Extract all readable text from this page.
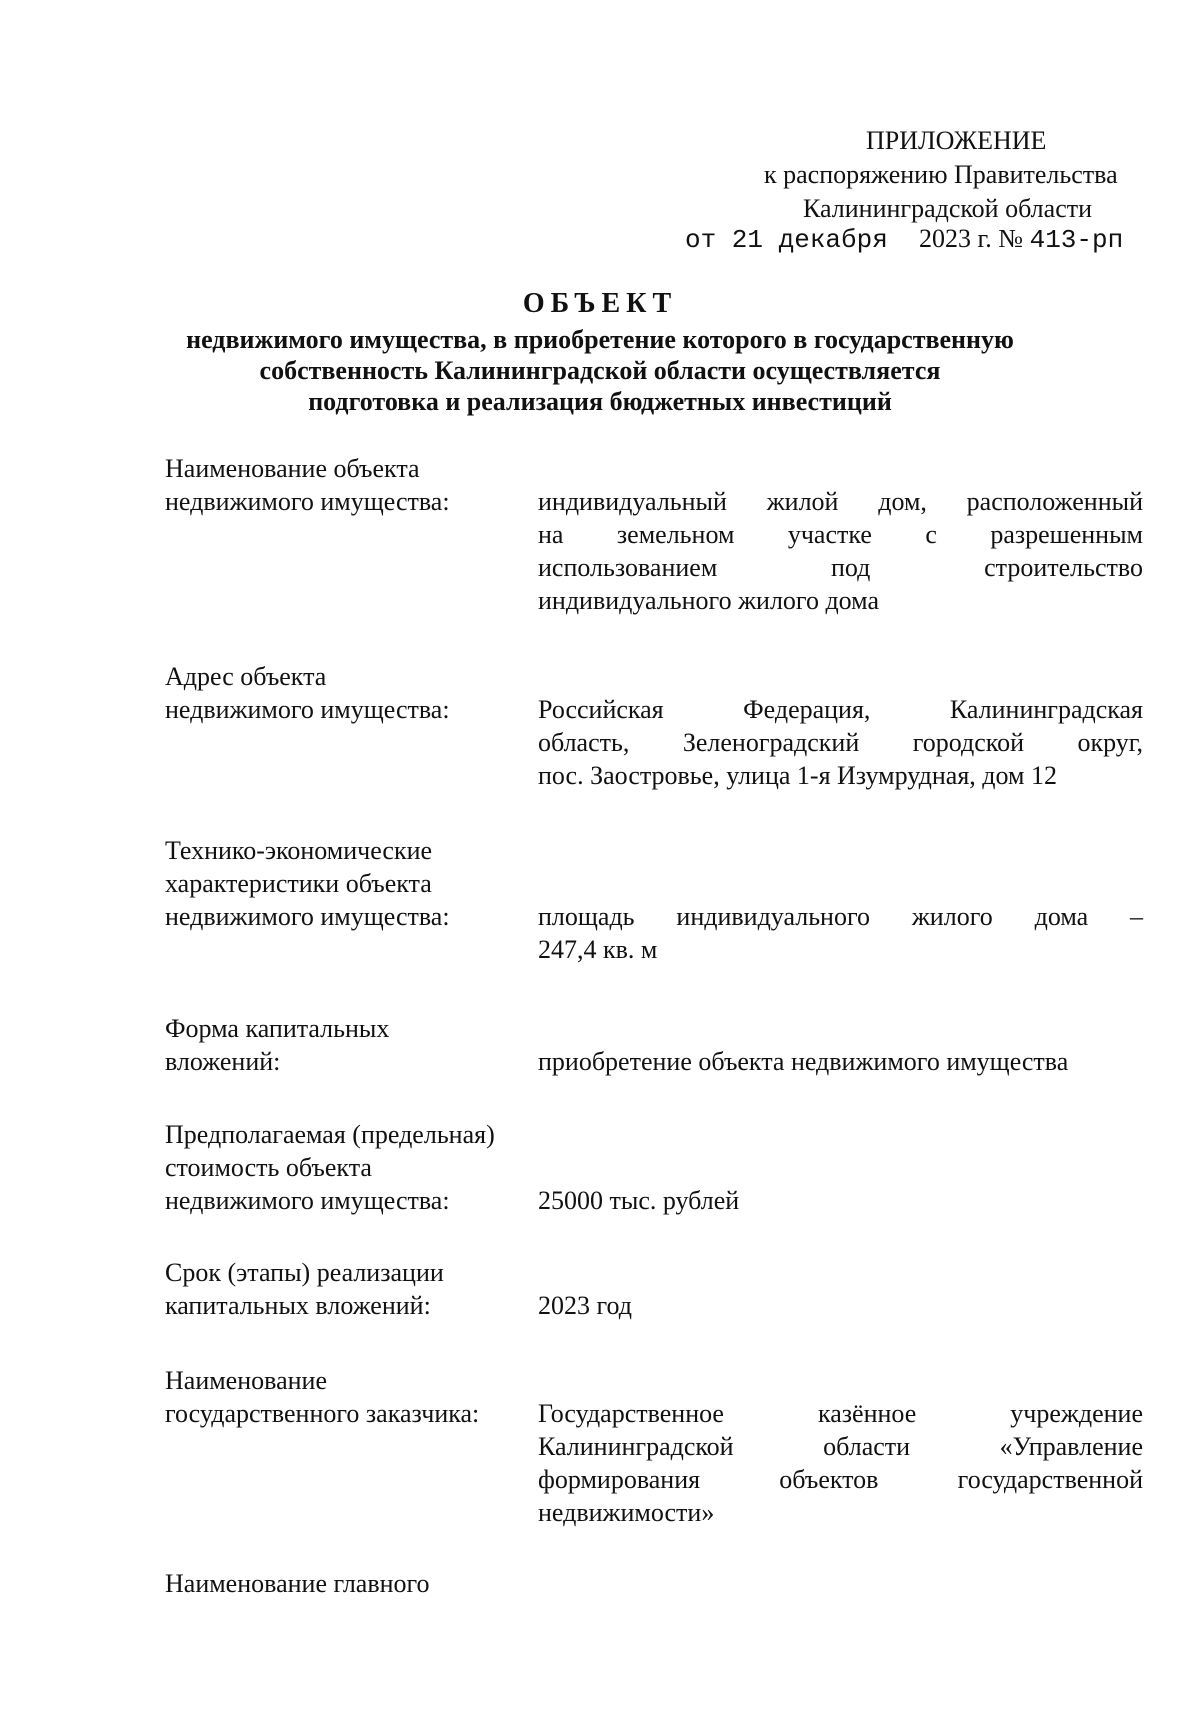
ПРИЛОЖЕНИЕ
к распоряжению Правительства
Калининградской области
от 21 декабря  2023 г. № 413-рп
ОБЪЕКТ
недвижимого имущества, в приобретение которого в государственную
собственность Калининградской области осуществляется
подготовка и реализация бюджетных инвестиций
Наименование объекта
недвижимого имущества:	индивидуальный жилой дом, расположенный
на земельном участке с разрешенным
использованием под строительство
индивидуального жилого дома
Адрес объекта
недвижимого имущества:	Российская Федерация, Калининградская
область, Зеленоградский городской округ,
пос. Заостровье, улица 1-я Изумрудная, дом 12
Технико-экономические
характеристики объекта
недвижимого имущества:	площадь индивидуального жилого дома –
247,4 кв. м
Форма капитальных
вложений:	приобретение объекта недвижимого имущества
Предполагаемая (предельная)
стоимость объекта
недвижимого имущества:	25000 тыс. рублей
Срок (этапы) реализации
капитальных вложений:	2023 год
Наименование
государственного заказчика:	Государственное казённое учреждение
Калининградской области «Управление
формирования объектов государственной
недвижимости»
Наименование главного
